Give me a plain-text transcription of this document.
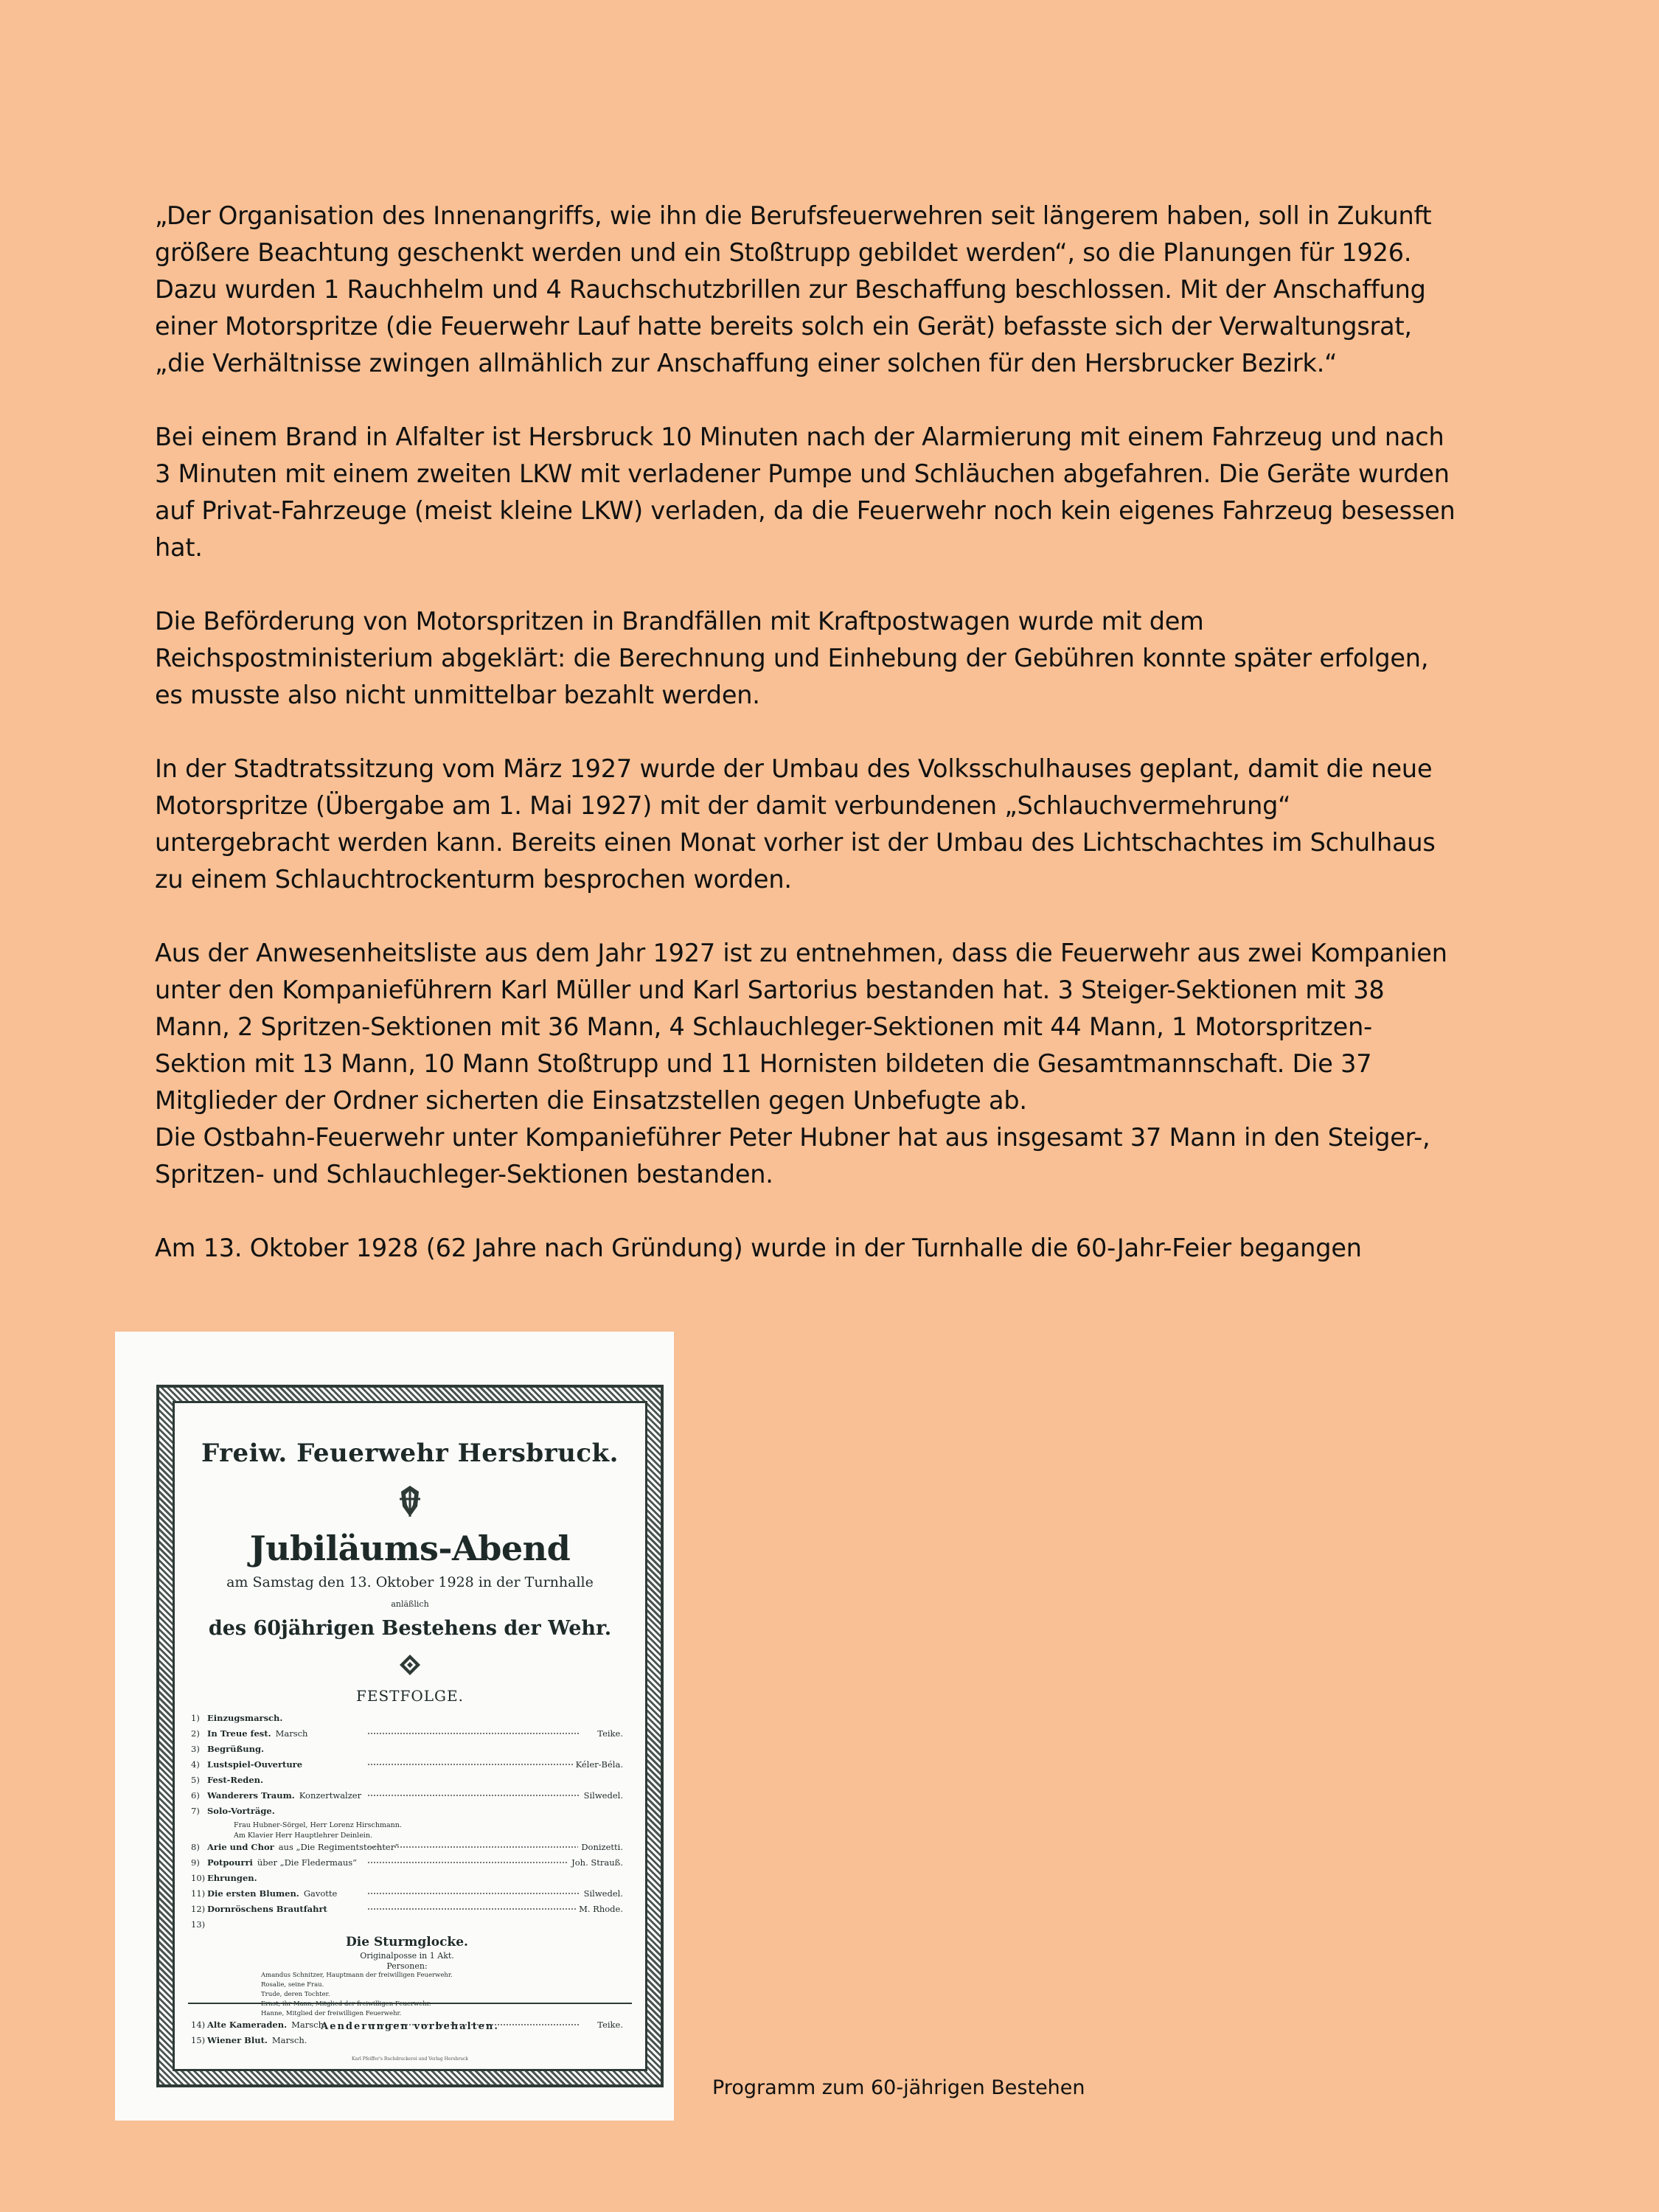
„Der Organisation des Innenangriffs, wie ihn die Berufsfeuerwehren seit längerem haben, soll in Zukunft
größere Beachtung geschenkt werden und ein Stoßtrupp gebildet werden“, so die Planungen für 1926.
Dazu wurden 1 Rauchhelm und 4 Rauchschutzbrillen zur Beschaffung beschlossen. Mit der Anschaffung
einer Motorspritze (die Feuerwehr Lauf hatte bereits solch ein Gerät) befasste sich der Verwaltungsrat,
„die Verhältnisse zwingen allmählich zur Anschaffung einer solchen für den Hersbrucker Bezirk.“

Bei einem Brand in Alfalter ist Hersbruck 10 Minuten nach der Alarmierung mit einem Fahrzeug und nach
3 Minuten mit einem zweiten LKW mit verladener Pumpe und Schläuchen abgefahren. Die Geräte wurden
auf Privat-Fahrzeuge (meist kleine LKW) verladen, da die Feuerwehr noch kein eigenes Fahrzeug besessen
hat.

Die Beförderung von Motorspritzen in Brandfällen mit Kraftpostwagen wurde mit dem
Reichspostministerium abgeklärt: die Berechnung und Einhebung der Gebühren konnte später erfolgen,
es musste also nicht unmittelbar bezahlt werden.

In der Stadtratssitzung vom März 1927 wurde der Umbau des Volksschulhauses geplant, damit die neue
Motorspritze (Übergabe am 1. Mai 1927) mit der damit verbundenen „Schlauchvermehrung“
untergebracht werden kann. Bereits einen Monat vorher ist der Umbau des Lichtschachtes im Schulhaus
zu einem Schlauchtrockenturm besprochen worden.

Aus der Anwesenheitsliste aus dem Jahr 1927 ist zu entnehmen, dass die Feuerwehr aus zwei Kompanien
unter den Kompanieführern Karl Müller und Karl Sartorius bestanden hat. 3 Steiger-Sektionen mit 38
Mann, 2 Spritzen-Sektionen mit 36 Mann, 4 Schlauchleger-Sektionen mit 44 Mann, 1 Motorspritzen-
Sektion mit 13 Mann, 10 Mann Stoßtrupp und 11 Hornisten bildeten die Gesamtmannschaft. Die 37
Mitglieder der Ordner sicherten die Einsatzstellen gegen Unbefugte ab.
Die Ostbahn-Feuerwehr unter Kompanieführer Peter Hubner hat aus insgesamt 37 Mann in den Steiger-,
Spritzen- und Schlauchleger-Sektionen bestanden.

Am 13. Oktober 1928 (62 Jahre nach Gründung) wurde in der Turnhalle die 60-Jahr-Feier begangen

Freiw. Feuerwehr Hersbruck.
Jubiläums-Abend
am Samstag den 13. Oktober 1928 in der Turnhalle
anläßlich
des 60jährigen Bestehens der Wehr.
FESTFOLGE.
1) Einzugsmarsch.
2) In Treue fest. Marsch	Teike.
3) Begrüßung.
4) Lustspiel-Ouverture	Kéler-Béla.
5) Fest-Reden.
6) Wanderers Traum. Konzertwalzer	Silwedel.
7) Solo-Vorträge.
Frau Hubner-Sörgel, Herr Lorenz Hirschmann.
Am Klavier Herr Hauptlehrer Deinlein.
8) Arie und Chor aus „Die Regimentstochter“	Donizetti.
9) Potpourri über „Die Fledermaus“	Joh. Strauß.
10) Ehrungen.
11) Die ersten Blumen. Gavotte	Silwedel.
12) Dornröschens Brautfahrt	M. Rhode.
13)
Die Sturmglocke.
Originalposse in 1 Akt.
Personen:
Amandus Schnitzer, Hauptmann der freiwilligen Feuerwehr.
Rosalie, seine Frau.
Trude, deren Tochter.
Ernst, ihr Mann, Mitglied der freiwilligen Feuerwehr.
Hanne, Mitglied der freiwilligen Feuerwehr.
14) Alte Kameraden. Marsch	Teike.
15) Wiener Blut. Marsch.
Aenderungen vorbehalten.
Karl Pfeiffer's Buchdruckerei und Verlag Hersbruck
Programm zum 60-jährigen Bestehen
